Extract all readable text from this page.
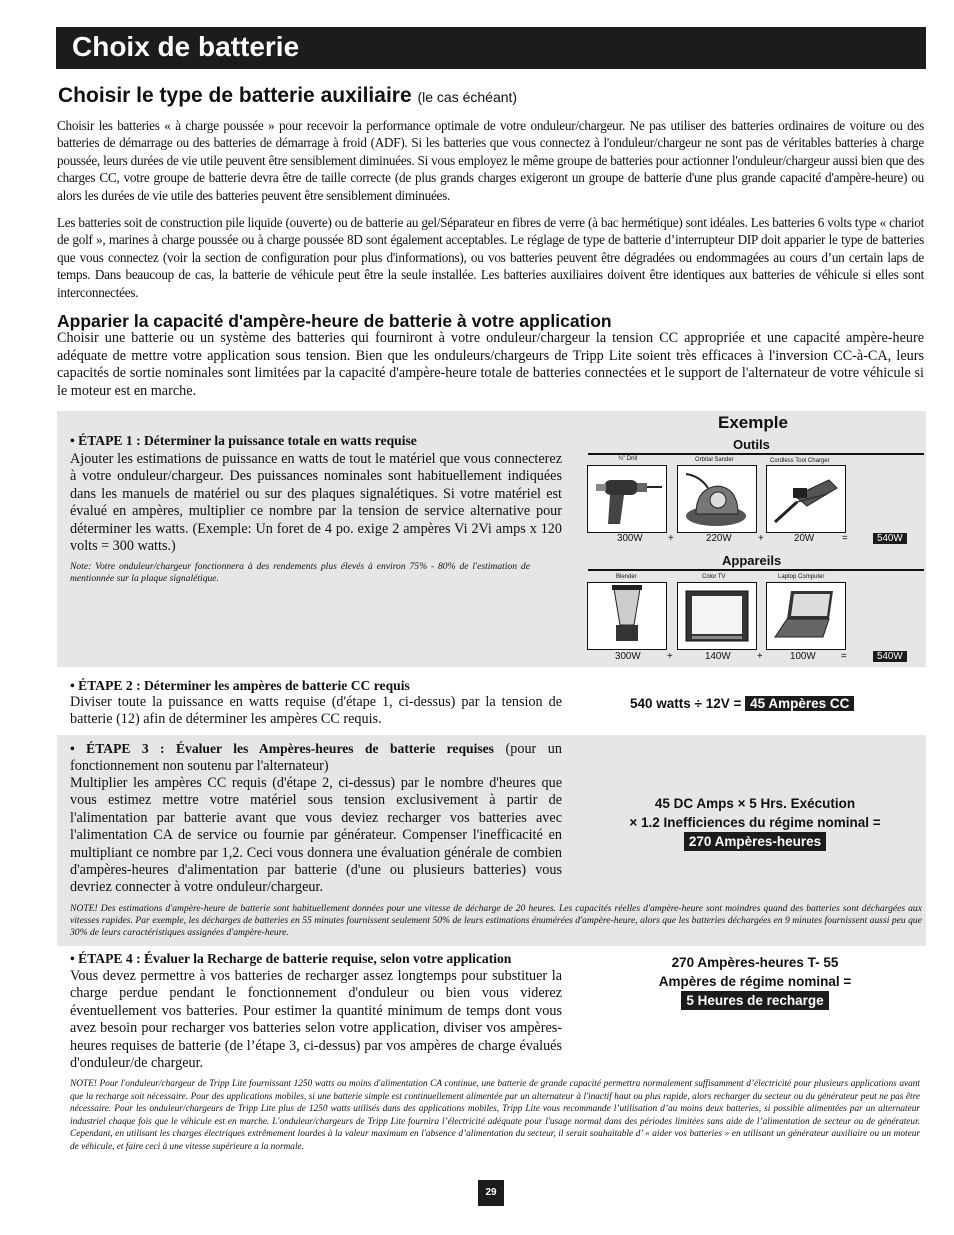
Choix de batterie
Choisir le type de batterie auxiliaire (le cas échéant)
Choisir les batteries « à charge poussée » pour recevoir la performance optimale de votre onduleur/chargeur. Ne pas utiliser des batteries ordinaires de voiture ou des batteries de démarrage ou des batteries de démarrage à froid (ADF). Si les batteries que vous connectez à l'onduleur/chargeur ne sont pas de véritables batteries à charge poussée, leurs durées de vie utile peuvent être sensiblement diminuées. Si vous employez le même groupe de batteries pour actionner l'onduleur/chargeur aussi bien que des charges CC, votre groupe de batterie devra être de taille correcte (de plus grands charges exigeront un groupe de batterie d'une plus grande capacité d'ampère-heure) ou alors les durées de vie utile des batteries peuvent être sensiblement diminuées.
Les batteries soit de construction pile liquide (ouverte) ou de batterie au gel/Séparateur en fibres de verre (à bac hermétique) sont idéales. Les batteries 6 volts type « chariot de golf », marines à charge poussée ou à charge poussée 8D sont également acceptables. Le réglage de type de batterie d’interrupteur DIP doit apparier le type de batteries que vous connectez (voir la section de configuration pour plus d'informations), ou vos batteries peuvent être dégradées ou endommagées au cours d’un certain laps de temps. Dans beaucoup de cas, la batterie de véhicule peut être la seule installée. Les batteries auxiliaires doivent être identiques aux batteries de véhicule si elles sont interconnectées.
Apparier la capacité d'ampère-heure de batterie à votre application
Choisir une batterie ou un système des batteries qui fourniront à votre onduleur/chargeur la tension CC appropriée et une capacité ampère-heure adéquate de mettre votre application sous tension. Bien que les onduleurs/chargeurs de Tripp Lite soient très efficaces à l'inversion CC-à-CA, leurs capacités de sortie nominales sont limitées par la capacité d'ampère-heure totale de batteries connectées et le support de l'alternateur de votre véhicule si le moteur est en marche.
• ÉTAPE 1 : Déterminer la puissance totale en watts requise
Ajouter les estimations de puissance en watts de tout le matériel que vous connecterez à votre onduleur/chargeur. Des puissances nominales sont habituellement indiquées dans les manuels de matériel ou sur des plaques signalétiques. Si votre matériel est évalué en ampères, multiplier ce nombre par la tension de service alternative pour déterminer les watts. (Exemple: Un foret de 4 po. exige 2 ampères Vi 2Vi amps x 120 volts = 300 watts.)
Note: Votre onduleur/chargeur fonctionnera à des rendements plus élevés à environ 75% - 80% de l'estimation de mentionnée sur la plaque signalétique.
Exemple
Outils
¾" Drill	Orbital Sander	Cordless Tool Charger
300W	+	220W	+	20W	=	540W
Appareils
Blender	Color TV	Laptop Computer
300W	+	140W	+	100W	=	540W
• ÉTAPE 2 : Déterminer les ampères de batterie CC requis
Diviser toute la puissance en watts requise (d'étape 1, ci-dessus) par la tension de batterie (12) afin de déterminer les ampères CC requis.
540 watts ÷ 12V = 45 Ampères CC
• ÉTAPE 3 : Évaluer les Ampères-heures de batterie requises (pour un fonctionnement non soutenu par l'alternateur)
Multiplier les ampères CC requis (d'étape 2, ci-dessus) par le nombre d'heures que vous estimez mettre votre matériel sous tension exclusivement à partir de l'alimentation par batterie avant que vous deviez recharger vos batteries avec l'alimentation CA de service ou fournie par générateur. Compenser l'inefficacité en multipliant ce nombre par 1,2. Ceci vous donnera une évaluation générale de combien d'ampères-heures d'alimentation par batterie (d'une ou plusieurs batteries) vous devriez connecter à votre onduleur/chargeur.
45 DC Amps × 5 Hrs. Exécution
× 1.2 Inefficiences du régime nominal =
270 Ampères-heures
NOTE! Des estimations d'ampère-heure de batterie sont habituellement données pour une vitesse de décharge de 20 heures. Les capacités réelles d'ampère-heure sont moindres quand des batteries sont déchargées aux vitesses rapides. Par exemple, les décharges de batteries en 55 minutes fournissent seulement 50% de leurs estimations énumérées d'ampère-heure, alors que les batteries déchargées en 9 minutes fournissent aussi peu que 30% de leurs caractéristiques assignées d'ampère-heure.
• ÉTAPE 4 : Évaluer la Recharge de batterie requise, selon votre application
Vous devez permettre à vos batteries de recharger assez longtemps pour substituer la charge perdue pendant le fonctionnement d'onduleur ou bien vous viderez éventuellement vos batteries. Pour estimer la quantité minimum de temps dont vous avez besoin pour recharger vos batteries selon votre application, diviser vos ampères-heures requises de batterie (de l’étape 3, ci-dessus) par vos ampères de charge évalués d'onduleur/de chargeur.
270 Ampères-heures T- 55
Ampères de régime nominal =
5 Heures de recharge
NOTE! Pour l'onduleur/chargeur de Tripp Lite fournissant 1250 watts ou moins d'alimentation CA continue, une batterie de grande capacité permettra normalement suffisamment d’électricité pour plusieurs applications avant que la recharge soit nécessaire. Pour des applications mobiles, si une batterie simple est continuellement alimentée par un alternateur à l'inactif haut ou plus rapide, alors recharger du secteur ou du générateur peut ne pas être nécessaire. Pour les onduleur/chargeurs de Tripp Lite plus de 1250 watts utilisés dans des applications mobiles, Tripp Lite vous recommande l’utilisation d’au moins deux batteries, si possible alimentées par un alternateur industriel chaque fois que le véhicule est en marche. L'onduleur/chargeurs de Tripp Lite fournira l’électricité adéquate pour l'usage normal dans des périodes limitées sans aide de l’alimentation de secteur ou de générateur. Cependant, en utilisant les charges électriques extrêmement lourdes à la valeur maximum en l'absence d’alimentation du secteur, il serait souhaitable d’ « aider vos batteries » en utilisant un générateur auxiliaire ou un moteur de véhicule, et faire ceci à une vitesse supérieure a la normale.
29
